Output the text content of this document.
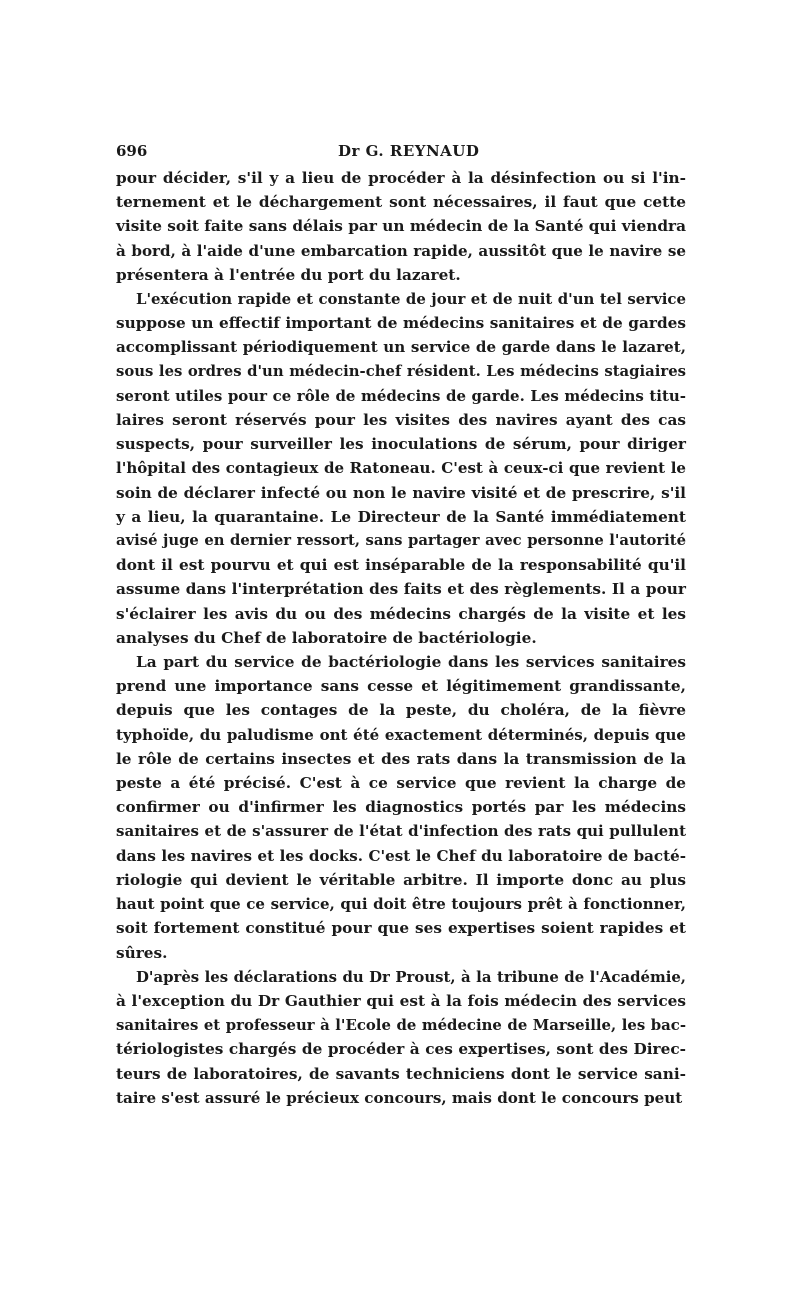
696	Dr G. REYNAUD
pour décider, s'il y a lieu de procéder à la désinfection ou si l'in-
ternement et le déchargement sont nécessaires, il faut que cette
visite soit faite sans délais par un médecin de la Santé qui viendra
à bord, à l'aide d'une embarcation rapide, aussitôt que le navire se
présentera à l'entrée du port du lazaret.
L'exécution rapide et constante de jour et de nuit d'un tel service
suppose un effectif important de médecins sanitaires et de gardes
accomplissant périodiquement un service de garde dans le lazaret,
sous les ordres d'un médecin-chef résident. Les médecins stagiaires
seront utiles pour ce rôle de médecins de garde. Les médecins titu-
laires seront réservés pour les visites des navires ayant des cas
suspects, pour surveiller les inoculations de sérum, pour diriger
l'hôpital des contagieux de Ratoneau. C'est à ceux-ci que revient le
soin de déclarer infecté ou non le navire visité et de prescrire, s'il
y a lieu, la quarantaine. Le Directeur de la Santé immédiatement
avisé juge en dernier ressort, sans partager avec personne l'autorité
dont il est pourvu et qui est inséparable de la responsabilité qu'il
assume dans l'interprétation des faits et des règlements. Il a pour
s'éclairer les avis du ou des médecins chargés de la visite et les
analyses du Chef de laboratoire de bactériologie.
La part du service de bactériologie dans les services sanitaires
prend une importance sans cesse et légitimement grandissante,
depuis que les contages de la peste, du choléra, de la fièvre
typhoïde, du paludisme ont été exactement déterminés, depuis que
le rôle de certains insectes et des rats dans la transmission de la
peste a été précisé. C'est à ce service que revient la charge de
confirmer ou d'infirmer les diagnostics portés par les médecins
sanitaires et de s'assurer de l'état d'infection des rats qui pullulent
dans les navires et les docks. C'est le Chef du laboratoire de bacté-
riologie qui devient le véritable arbitre. Il importe donc au plus
haut point que ce service, qui doit être toujours prêt à fonctionner,
soit fortement constitué pour que ses expertises soient rapides et
sûres.
D'après les déclarations du Dr Proust, à la tribune de l'Académie,
à l'exception du Dr Gauthier qui est à la fois médecin des services
sanitaires et professeur à l'Ecole de médecine de Marseille, les bac-
tériologistes chargés de procéder à ces expertises, sont des Direc-
teurs de laboratoires, de savants techniciens dont le service sani-
taire s'est assuré le précieux concours, mais dont le concours peut
